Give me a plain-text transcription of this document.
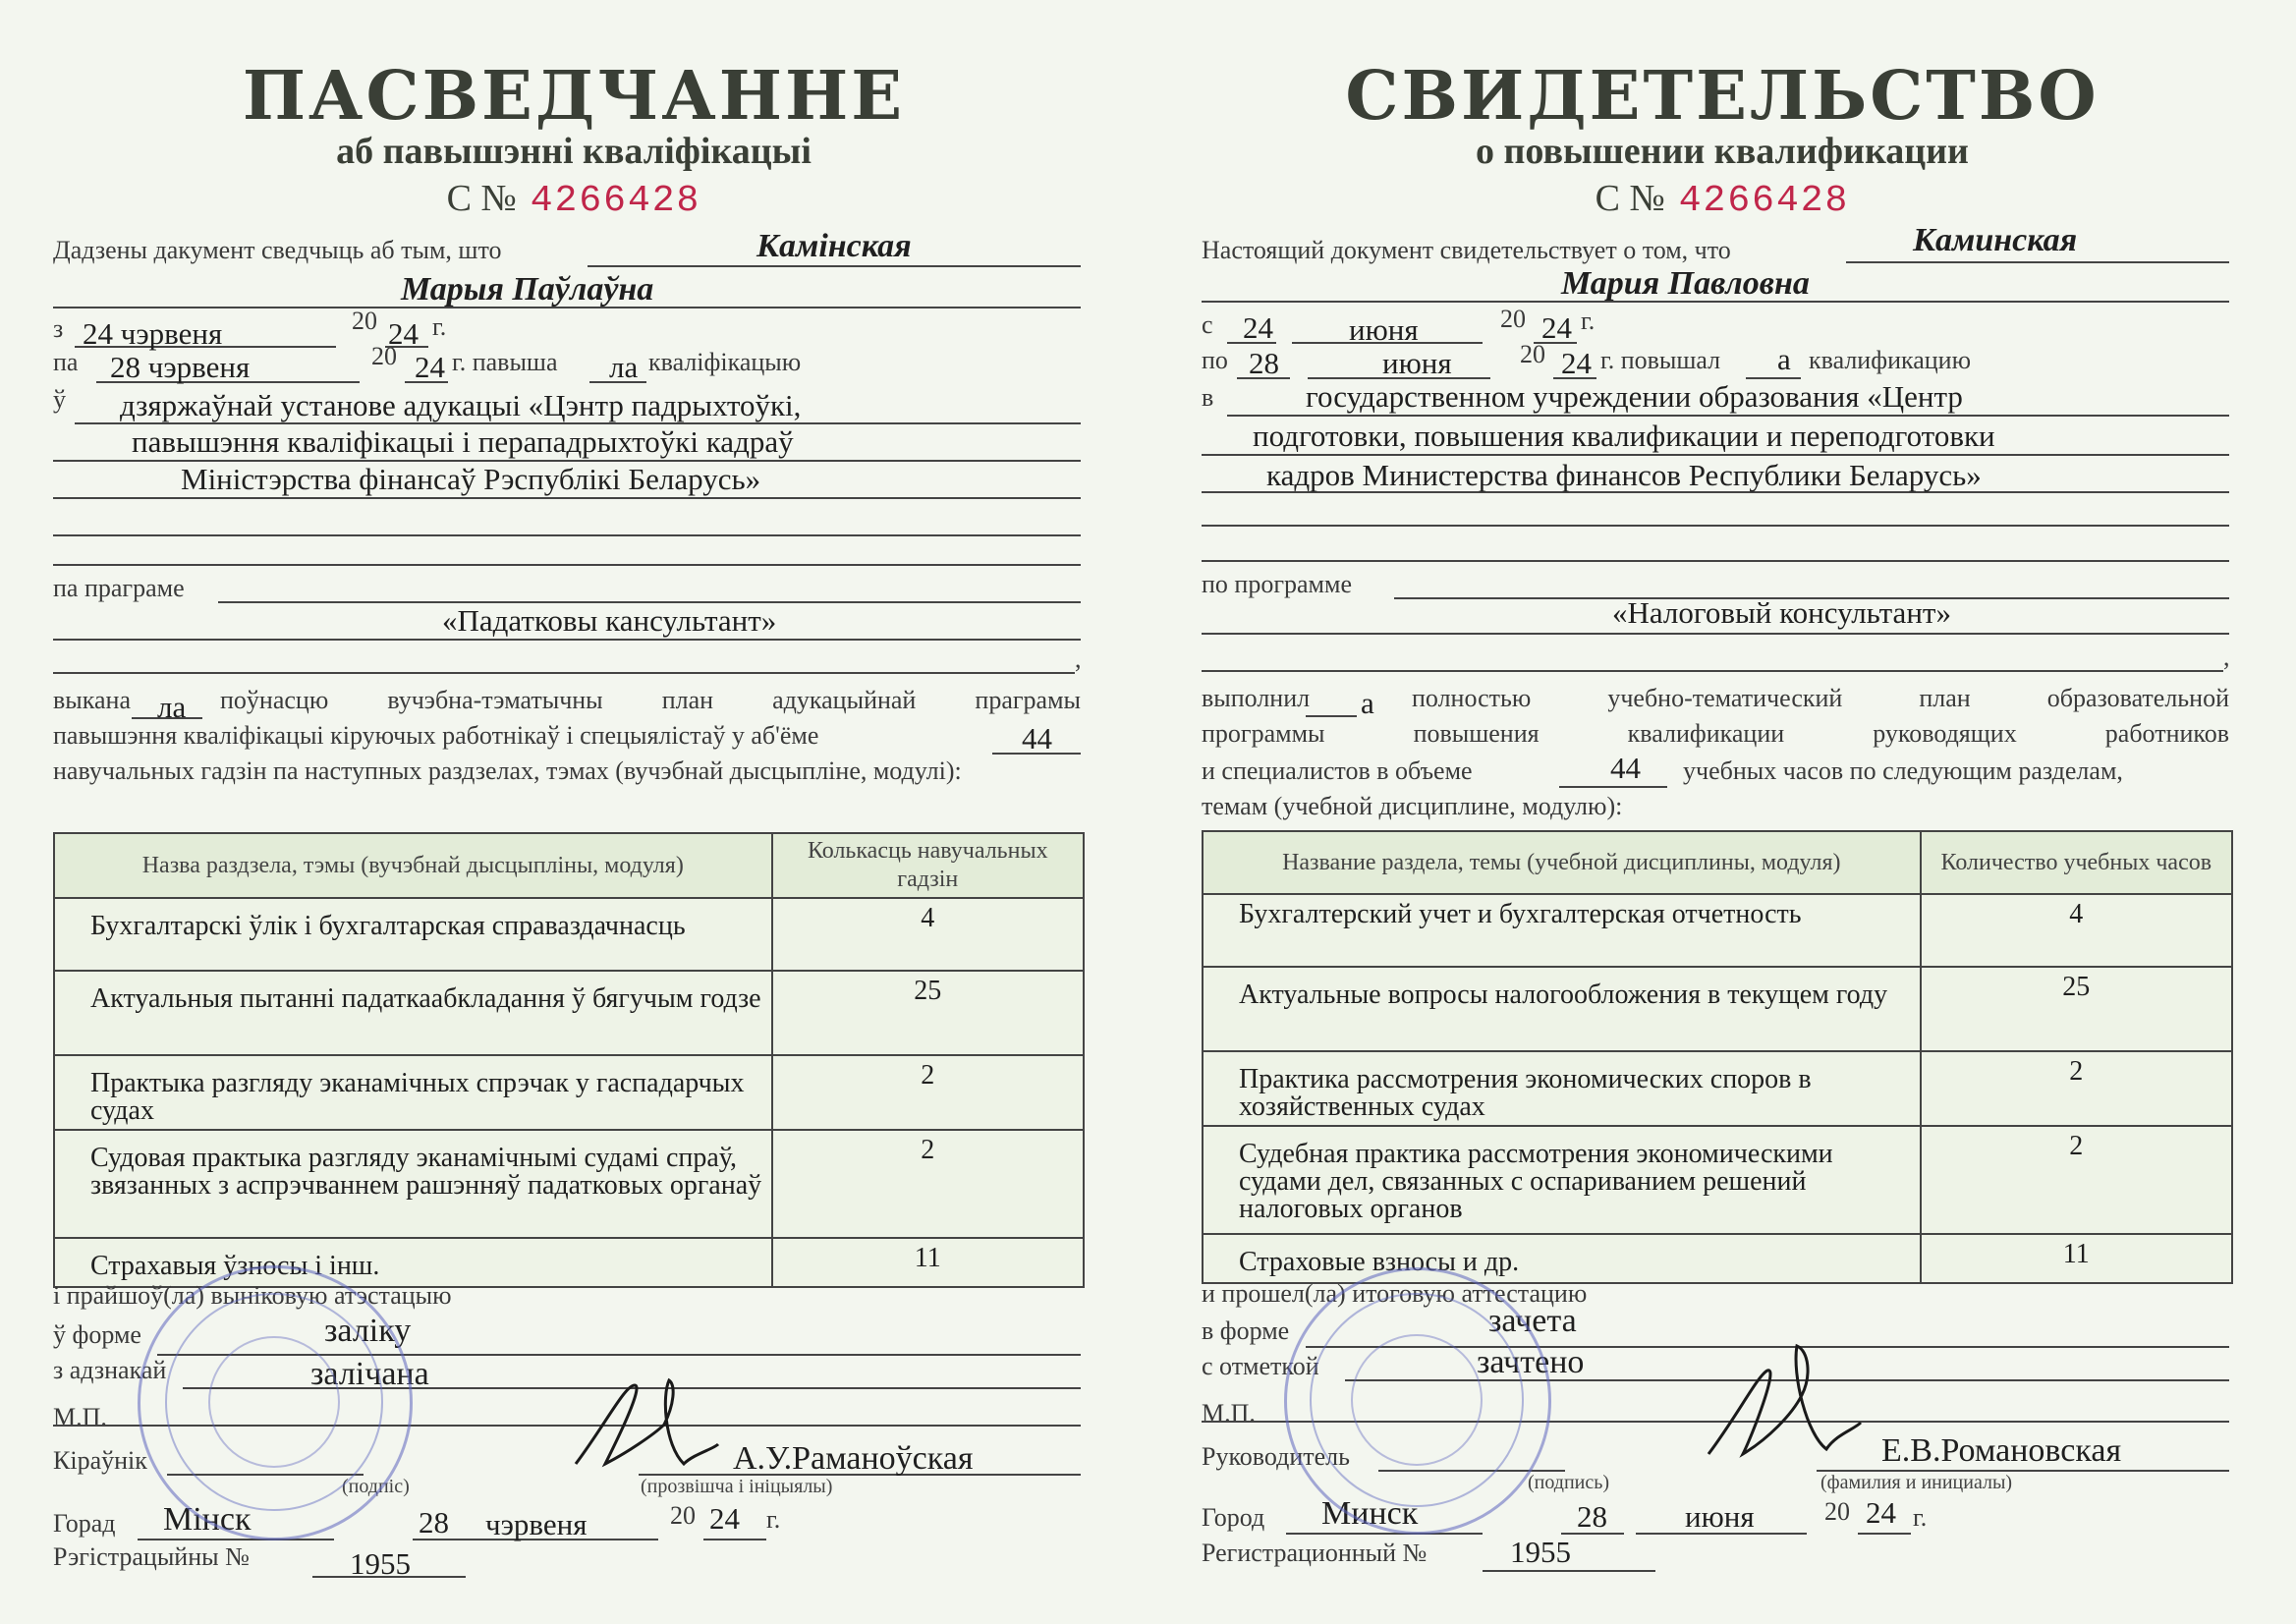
ПАСВЕДЧАННЕ
аб павышэнні кваліфікацыі
С № 4266428
Дадзены дакумент сведчыць аб тым, што	Камінская
Марыя Паўлаўна
з 24 чэрвеня	20 24 г.
па 28 чэрвеня	20 24 г. павыша ла кваліфікацыю
ў дзяржаўнай установе адукацыі «Цэнтр падрыхтоўкі,
павышэння кваліфікацыі і перападрыхтоўкі кадраў
Міністэрства фінансаў Рэспублікі Беларусь»
па праграме
«Падатковы кансультант»
,
выкана ла поўнасцю вучэбна-тэматычны план адукацыйнай праграмы
павышэння кваліфікацыі кіруючых работнікаў і спецыялістаў у аб'ёме	44
навучальных гадзін па наступных раздзелах, тэмах (вучэбнай дысцыпліне, модулі):
Назва раздзела, тэмы (вучэбнай дысцыпліны, модуля)	Колькасць навучальных гадзін
Бухгалтарскі ўлік і бухгалтарская справаздачнасць	4
Актуальныя пытанні падаткаабкладання ў бягучым годзе	25
Практыка разгляду эканамічных спрэчак у гаспадарчых судах	2
Судовая практыка разгляду эканамічнымі судамі спраў, звязанных з аспрэчваннем рашэнняў падатковых органаў	2
Страхавыя ўзносы і інш.	11
і прайшоў(ла) выніковую атэстацыю
ў форме	заліку
з адзнакай	залічана
М.П.
Кіраўнік	А.У.Раманоўская
(подпіс)	(прозвішча і ініцыялы)
Горад Мінск	28 чэрвеня	20 24 г.
Рэгістрацыйны №	1955
СВИДЕТЕЛЬСТВО
о повышении квалификации
С № 4266428
Настоящий документ свидетельствует о том, что	Каминская
Мария Павловна
с 24 июня	20 24 г.
по 28	июня	20 24 г. повышал а квалификацию
в	государственном учреждении образования «Центр
подготовки, повышения квалификации и переподготовки
кадров Министерства финансов Республики Беларусь»
по программе
«Налоговый консультант»
,
выполнил а полностью учебно-тематический план образовательной
программы повышения квалификации руководящих работников
и специалистов в объеме	44 учебных часов по следующим разделам,
темам (учебной дисциплине, модулю):
Название раздела, темы (учебной дисциплины, модуля)	Количество учебных часов
Бухгалтерский учет и бухгалтерская отчетность	4
Актуальные вопросы налогообложения в текущем году	25
Практика рассмотрения экономических споров в хозяйственных судах	2
Судебная практика рассмотрения экономическими судами дел, связанных с оспариванием решений налоговых органов	2
Страховые взносы и др.	11
и прошел(ла) итоговую аттестацию
в форме	зачета
с отметкой	зачтено
М.П.
Руководитель	Е.В.Романовская
(подпись)	(фамилия и инициалы)
Город Минск	28	июня	20 24 г.
Регистрационный №	1955
